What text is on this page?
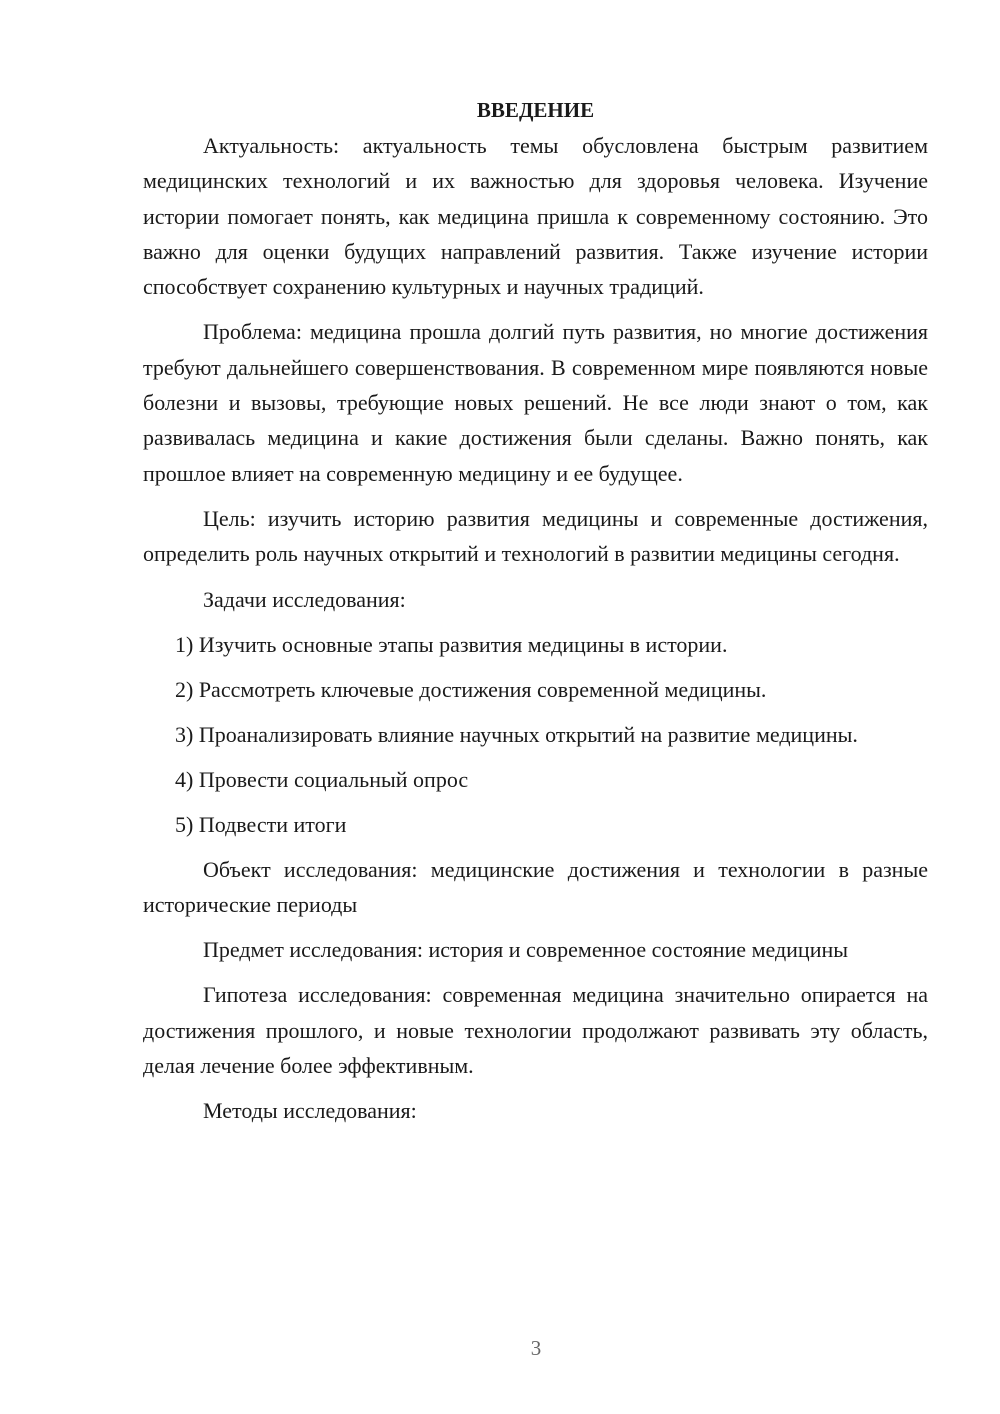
ВВЕДЕНИЕ

Актуальность: актуальность темы обусловлена быстрым развитием медицинских технологий и их важностью для здоровья человека. Изучение истории помогает понять, как медицина пришла к современному состоянию. Это важно для оценки будущих направлений развития. Также изучение истории способствует сохранению культурных и научных традиций.

Проблема: медицина прошла долгий путь развития, но многие достижения требуют дальнейшего совершенствования. В современном мире появляются новые болезни и вызовы, требующие новых решений. Не все люди знают о том, как развивалась медицина и какие достижения были сделаны. Важно понять, как прошлое влияет на современную медицину и ее будущее.

Цель: изучить историю развития медицины и современные достижения, определить роль научных открытий и технологий в развитии медицины сегодня.

Задачи исследования:

1) Изучить основные этапы развития медицины в истории.

2) Рассмотреть ключевые достижения современной медицины.

3) Проанализировать влияние научных открытий на развитие медицины.

4) Провести социальный опрос

5) Подвести итоги

Объект исследования: медицинские достижения и технологии в разные исторические периоды

Предмет исследования: история и современное состояние медицины

Гипотеза исследования: современная медицина значительно опирается на достижения прошлого, и новые технологии продолжают развивать эту область, делая лечение более эффективным.

Методы исследования:

3
